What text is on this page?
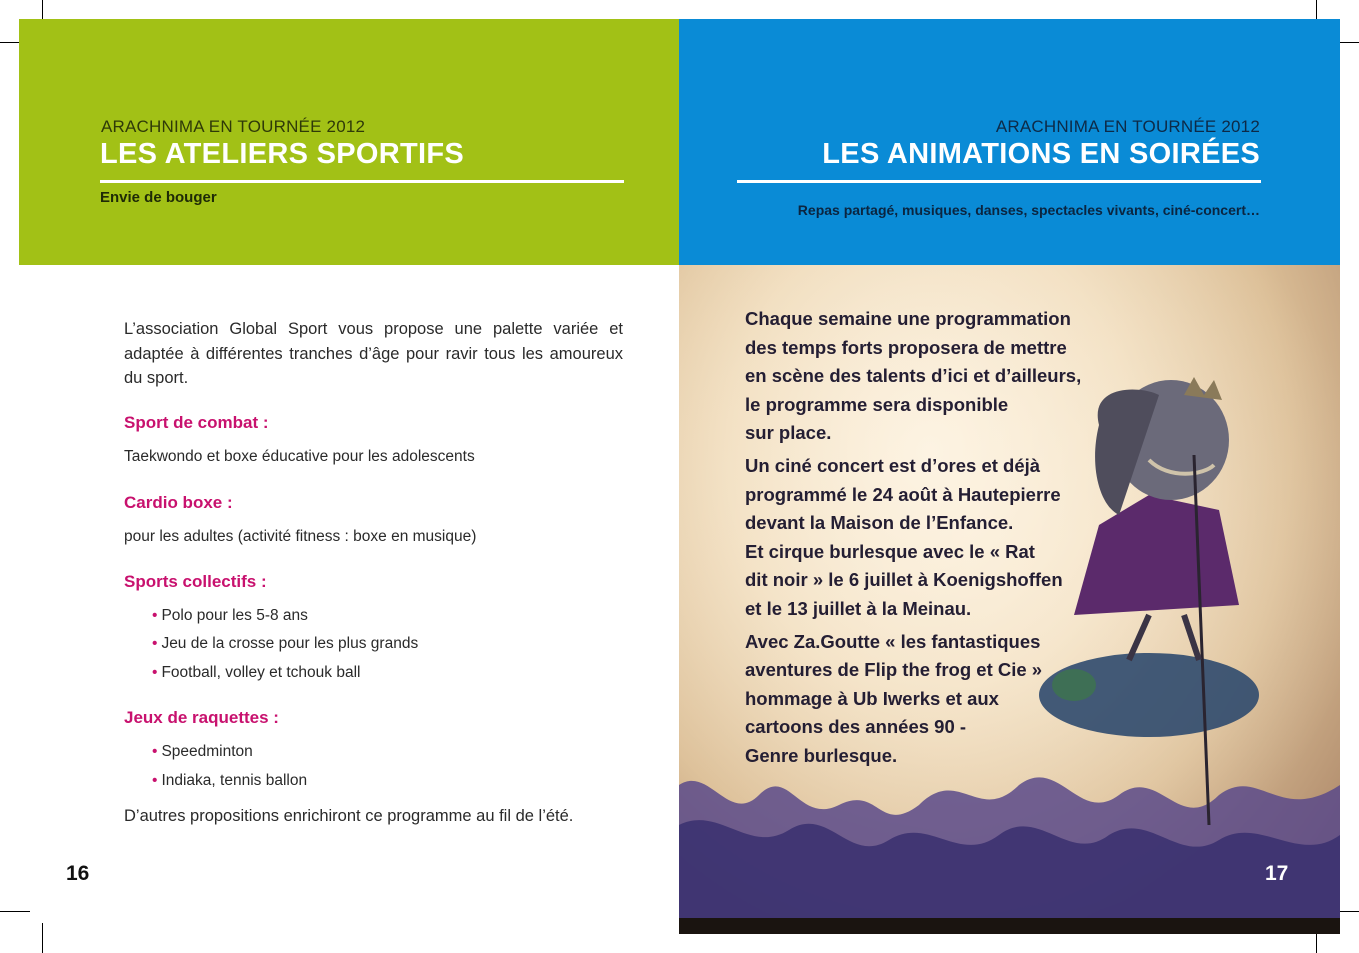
ARACHNIMA EN TOURNÉE 2012
LES ATELIERS SPORTIFS
Envie de bouger
L’association Global Sport vous propose une palette variée et adaptée à différentes tranches d’âge pour ravir tous les amoureux du sport.
Sport de combat :
Taekwondo et boxe éducative pour les adolescents
Cardio boxe :
pour les adultes (activité fitness : boxe en musique)
Sports collectifs :
• Polo pour les 5-8 ans
• Jeu de la crosse pour les plus grands
• Football, volley et tchouk ball
Jeux de raquettes :
• Speedminton
• Indiaka, tennis ballon
D’autres propositions enrichiront ce programme au fil de l’été.
16
ARACHNIMA EN TOURNÉE 2012
LES ANIMATIONS EN SOIRÉES
Repas partagé, musiques, danses, spectacles vivants, ciné-concert…

Chaque semaine une programmation
des temps forts proposera de mettre
en scène des talents d’ici et d’ailleurs,
le programme sera disponible
sur place.

Un ciné concert est d’ores et déjà
programmé le 24 août à Hautepierre
devant la Maison de l’Enfance.
Et cirque burlesque avec le « Rat
dit noir » le 6 juillet à Koenigshoffen
et le 13 juillet à la Meinau.

Avec Za.Goutte « les fantastiques
aventures de Flip the frog et Cie »
hommage à Ub Iwerks et aux
cartoons des années 90 -
Genre burlesque.

17
